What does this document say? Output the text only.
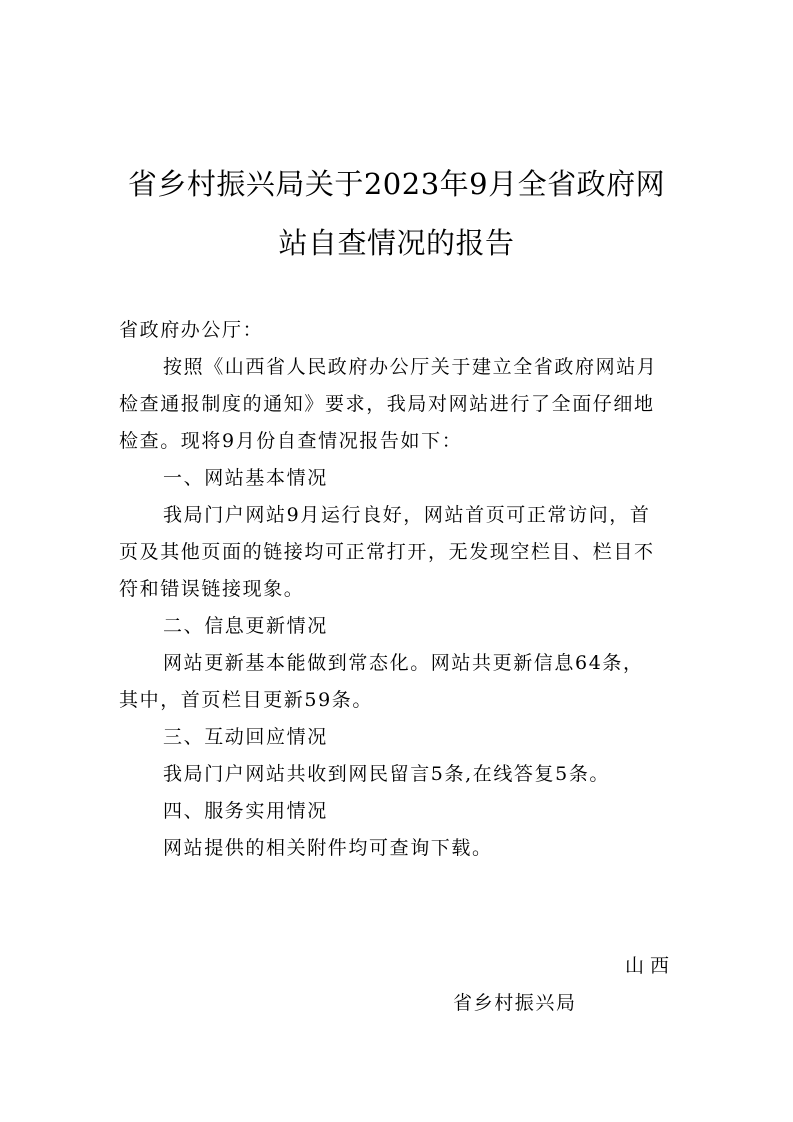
省乡村振兴局关于2023年9月全省政府网
站自查情况的报告
省政府办公厅：
按照《山西省人民政府办公厅关于建立全省政府网站月
检查通报制度的通知》要求，我局对网站进行了全面仔细地
检查。现将9月份自查情况报告如下：
一、网站基本情况
我局门户网站9月运行良好，网站首页可正常访问，首
页及其他页面的链接均可正常打开，无发现空栏目、栏目不
符和错误链接现象。
二、信息更新情况
网站更新基本能做到常态化。网站共更新信息64条，
其中，首页栏目更新59条。
三、互动回应情况
我局门户网站共收到网民留言5条,在线答复5条。
四、服务实用情况
网站提供的相关附件均可查询下载。
山西
省乡村振兴局
